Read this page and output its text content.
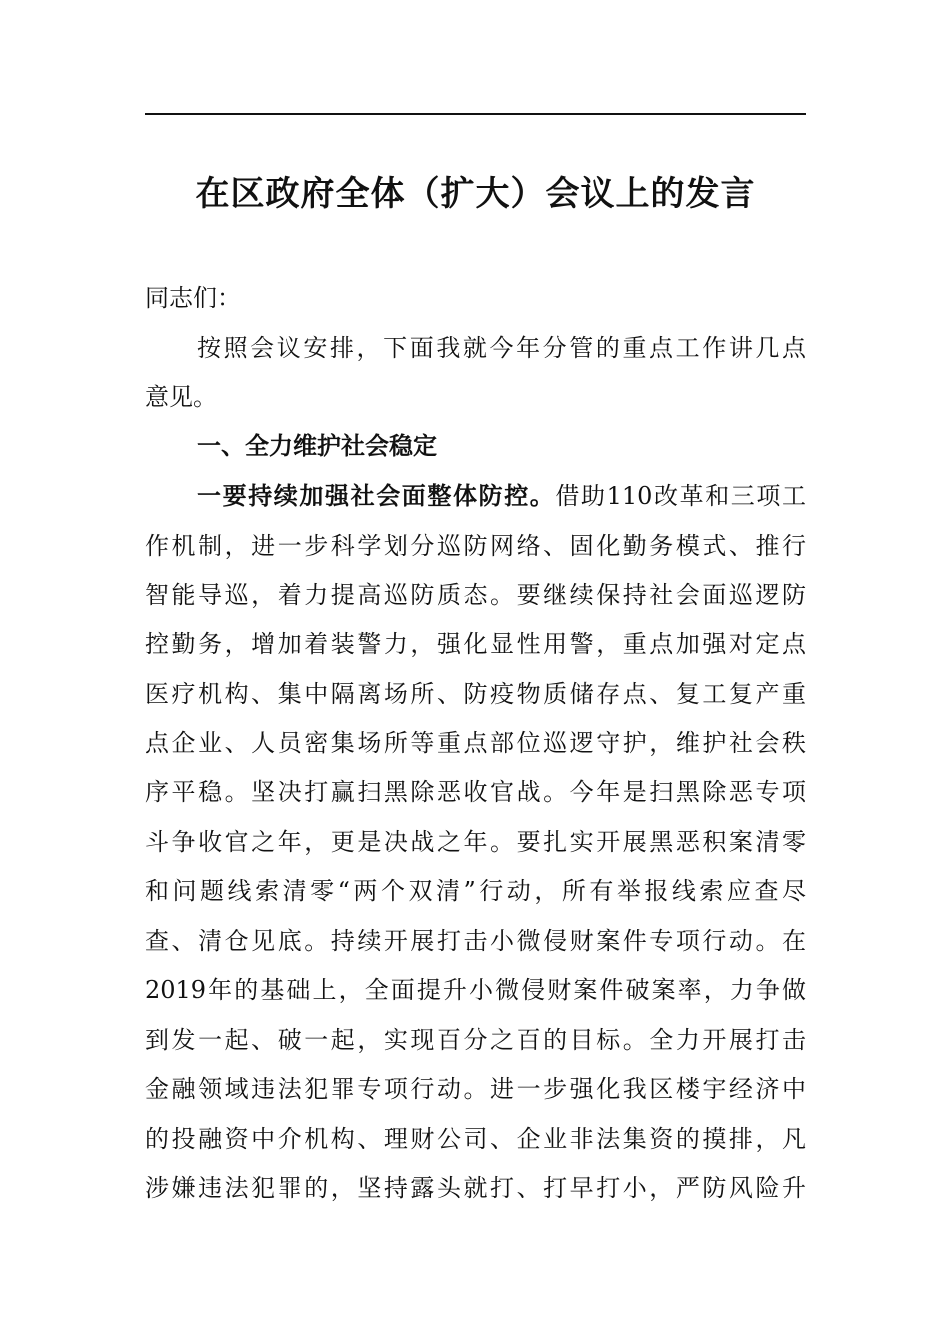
在区政府全体（扩大）会议上的发言
同志们：
按照会议安排，下面我就今年分管的重点工作讲几点
意见。
一、全力维护社会稳定
一要持续加强社会面整体防控。借助110改革和三项工
作机制，进一步科学划分巡防网络、固化勤务模式、推行
智能导巡，着力提高巡防质态。要继续保持社会面巡逻防
控勤务，增加着装警力，强化显性用警，重点加强对定点
医疗机构、集中隔离场所、防疫物质储存点、复工复产重
点企业、人员密集场所等重点部位巡逻守护，维护社会秩
序平稳。坚决打赢扫黑除恶收官战。今年是扫黑除恶专项
斗争收官之年，更是决战之年。要扎实开展黑恶积案清零
和问题线索清零“两个双清”行动，所有举报线索应查尽
查、清仓见底。持续开展打击小微侵财案件专项行动。在
2019年的基础上，全面提升小微侵财案件破案率，力争做
到发一起、破一起，实现百分之百的目标。全力开展打击
金融领域违法犯罪专项行动。进一步强化我区楼宇经济中
的投融资中介机构、理财公司、企业非法集资的摸排，凡
涉嫌违法犯罪的，坚持露头就打、打早打小，严防风险升
